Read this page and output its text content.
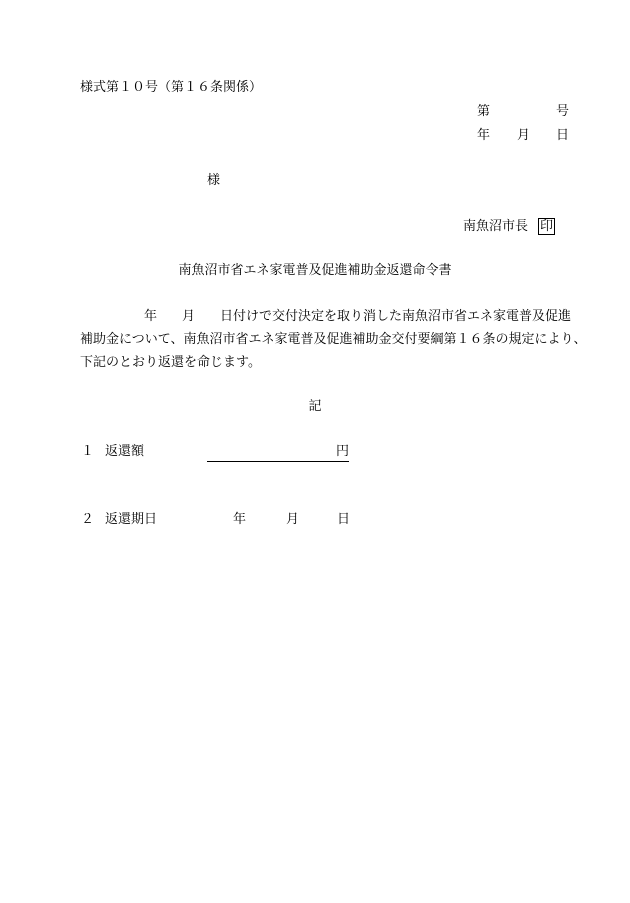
様式第１０号（第１６条関係）
第	号
年 月 日
様
南魚沼市長 印
南魚沼市省エネ家電普及促進補助金返還命令書
年 月 日付けで交付決定を取り消した南魚沼市省エネ家電普及促進
補助金について、南魚沼市省エネ家電普及促進補助金交付要綱第１６条の規定により、
下記のとおり返還を命じます。
記
１ 返還額	円
２ 返還期日	年	月	日
